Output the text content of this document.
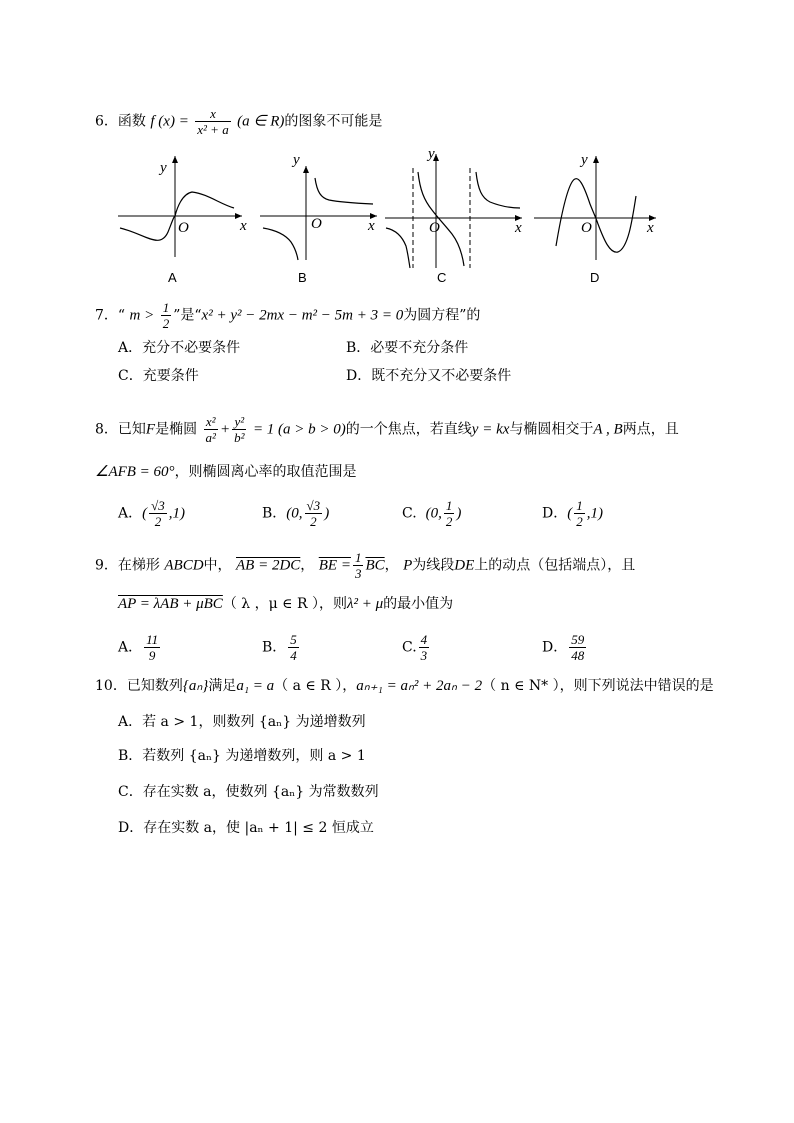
6．函数 f $(x) = \frac{x}{\text{x² + a}} (a$ ∈ R)的图象不可能是
y
O	x
A
y
O	x
B
y
O	x
C
y
O	x
D
7．“ $m > \frac{1}{2}$ ”是“x² + y² − 2mx − m² − 5m + 3 = 0为圆方程”的
A．充分不必要条件	B．必要不充分条件
C．充要条件	D．既不充分又不必要条件
8．已知F是椭圆 $\frac{\text{x²}}{\text{a²}} + \frac{\text{y²}}{\text{b²}} = 1$ (a > b > 0)的一个焦点，若直线y = kx与椭圆相交于A , B两点，且
∠AFB = 60°，则椭圆离心率的取值范围是
A．( $\frac{√3}{2} ,1$)	B．(0, $\frac{√3}{2}$ )	C. (0, $\frac{1}{2}$ )	D．( $\frac{1}{2} ,1$)
9．在梯形 ABCD中， AB = 2DC， BE = $\frac{1}{3} \overline{BC}$， P为线段DE上的动点（包括端点），且
AP = λAB + μBC（ λ ，μ ∈ R ），则λ² + μ的最小值为
A． $\frac{11}{9}$	B． $\frac{5}{4}$	C. $\frac{4}{3}$	D． $\frac{59}{48}$
10．已知数列{aₙ}满足a₁ = a（ a ∈ R ），aₙ₊₁ = aₙ² + 2aₙ − 2（ n ∈ N* ），则下列说法中错误的是
A．若 a > 1，则数列 {aₙ} 为递增数列
B．若数列 {aₙ} 为递增数列，则 a > 1
C．存在实数 a，使数列 {aₙ} 为常数数列
D．存在实数 a，使 |aₙ + 1| ≤ 2 恒成立
